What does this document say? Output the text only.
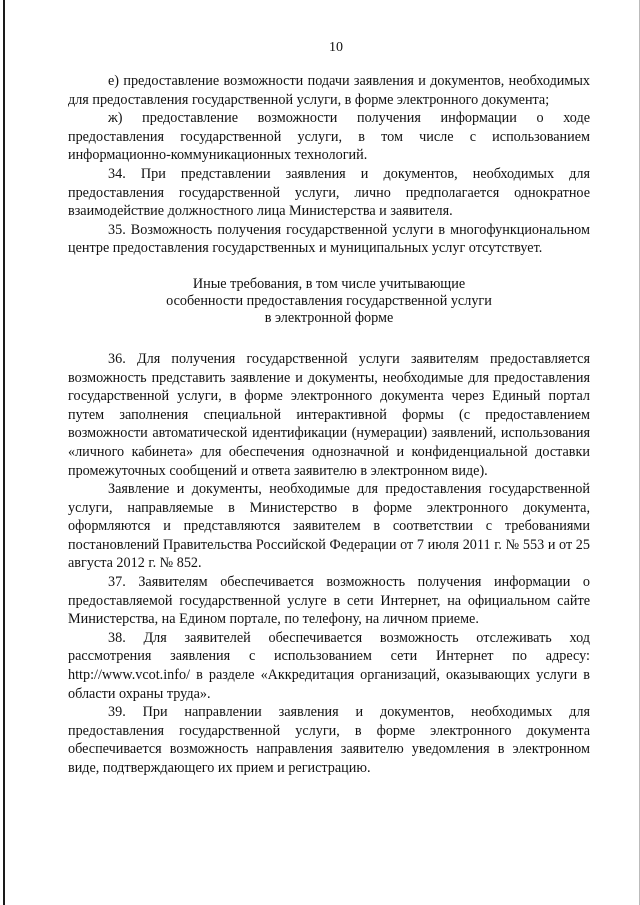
10

е) предоставление возможности подачи заявления и документов, необходимых для предоставления государственной услуги, в форме электронного документа;

ж) предоставление возможности получения информации о ходе предоставления государственной услуги, в том числе с использованием информационно-коммуникационных технологий.

34. При представлении заявления и документов, необходимых для предоставления государственной услуги, лично предполагается однократное взаимодействие должностного лица Министерства и заявителя.

35. Возможность получения государственной услуги в многофункциональном центре предоставления государственных и муниципальных услуг отсутствует.

Иные требования, в том числе учитывающие
особенности предоставления государственной услуги
в электронной форме

36. Для получения государственной услуги заявителям предоставляется возможность представить заявление и документы, необходимые для предоставления государственной услуги, в форме электронного документа через Единый портал путем заполнения специальной интерактивной формы (с предоставлением возможности автоматической идентификации (нумерации) заявлений, использования «личного кабинета» для обеспечения однозначной и конфиденциальной доставки промежуточных сообщений и ответа заявителю в электронном виде).

Заявление и документы, необходимые для предоставления государственной услуги, направляемые в Министерство в форме электронного документа, оформляются и представляются заявителем в соответствии с требованиями постановлений Правительства Российской Федерации от 7 июля 2011 г. № 553 и от 25 августа 2012 г. № 852.

37. Заявителям обеспечивается возможность получения информации о предоставляемой государственной услуге в сети Интернет, на официальном сайте Министерства, на Едином портале, по телефону, на личном приеме.

38. Для заявителей обеспечивается возможность отслеживать ход рассмотрения заявления с использованием сети Интернет по адресу: http://www.vcot.info/ в разделе «Аккредитация организаций, оказывающих услуги в области охраны труда».

39. При направлении заявления и документов, необходимых для предоставления государственной услуги, в форме электронного документа обеспечивается возможность направления заявителю уведомления в электронном виде, подтверждающего их прием и регистрацию.
